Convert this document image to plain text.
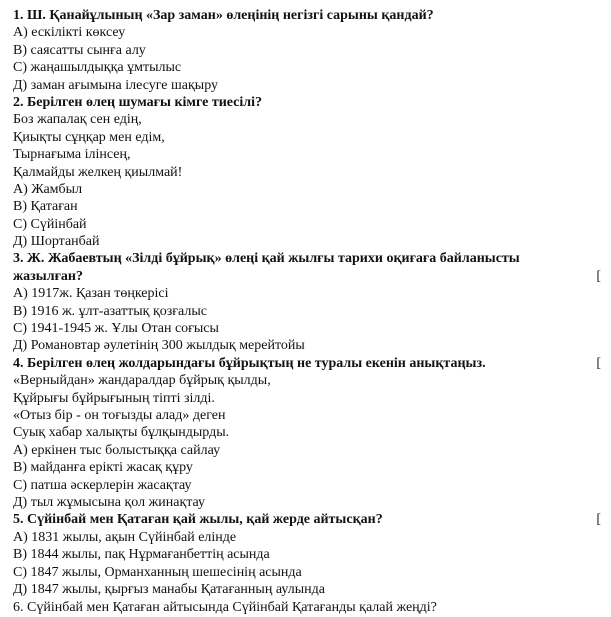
1. Ш. Қанайұлының «Зар заман» өлеңінің негізгі сарыны қандай?
А) ескілікті көксеу
В) саясатты сынға алу
С) жаңашылдыққа ұмтылыс
Д) заман ағымына ілесуге шақыру
2. Берілген өлең шумағы кімге тиесілі?
Боз жапалақ сен едің,
Қиықты сұңқар мен едім,
Тырнағыма ілінсең,
Қалмайды желкең қиылмай!
А) Жамбыл
В) Қатаған
С) Сүйінбай
Д) Шортанбай
3. Ж. Жабаевтың «Зілді бұйрық» өлеңі қай жылғы тарихи оқиғаға байланысты жазылған?	[
А) 1917ж. Қазан төңкерісі
В) 1916 ж. ұлт-азаттық қозғалыс
С) 1941-1945 ж. Ұлы Отан соғысы
Д) Романовтар әулетінің 300 жылдық мерейтойы
4. Берілген өлең жолдарындағы бұйрықтың не туралы екенін анықтаңыз.	[
«Верныйдан» жандаралдар бұйрық қылды,
Құйрығы бұйрығының тіпті зілді.
«Отыз бір - он тоғызды алад» деген
Суық хабар халықты бұлқындырды.
А) еркінен тыс болыстыққа сайлау
В) майданға ерікті жасақ құру
С) патша әскерлерін жасақтау
Д) тыл жұмысына қол жинақтау
5. Сүйінбай мен Қатаған қай жылы, қай жерде айтысқан?	[
А) 1831 жылы, ақын Сүйінбай елінде
В) 1844 жылы, пақ Нұрмағанбеттің асында
С) 1847 жылы, Орманханның шешесінің асында
Д) 1847 жылы, қырғыз манабы Қатағанның аулында
6. Сүйінбай мен Қатаған айтысында Сүйінбай Қатағанды қалай жеңді?
